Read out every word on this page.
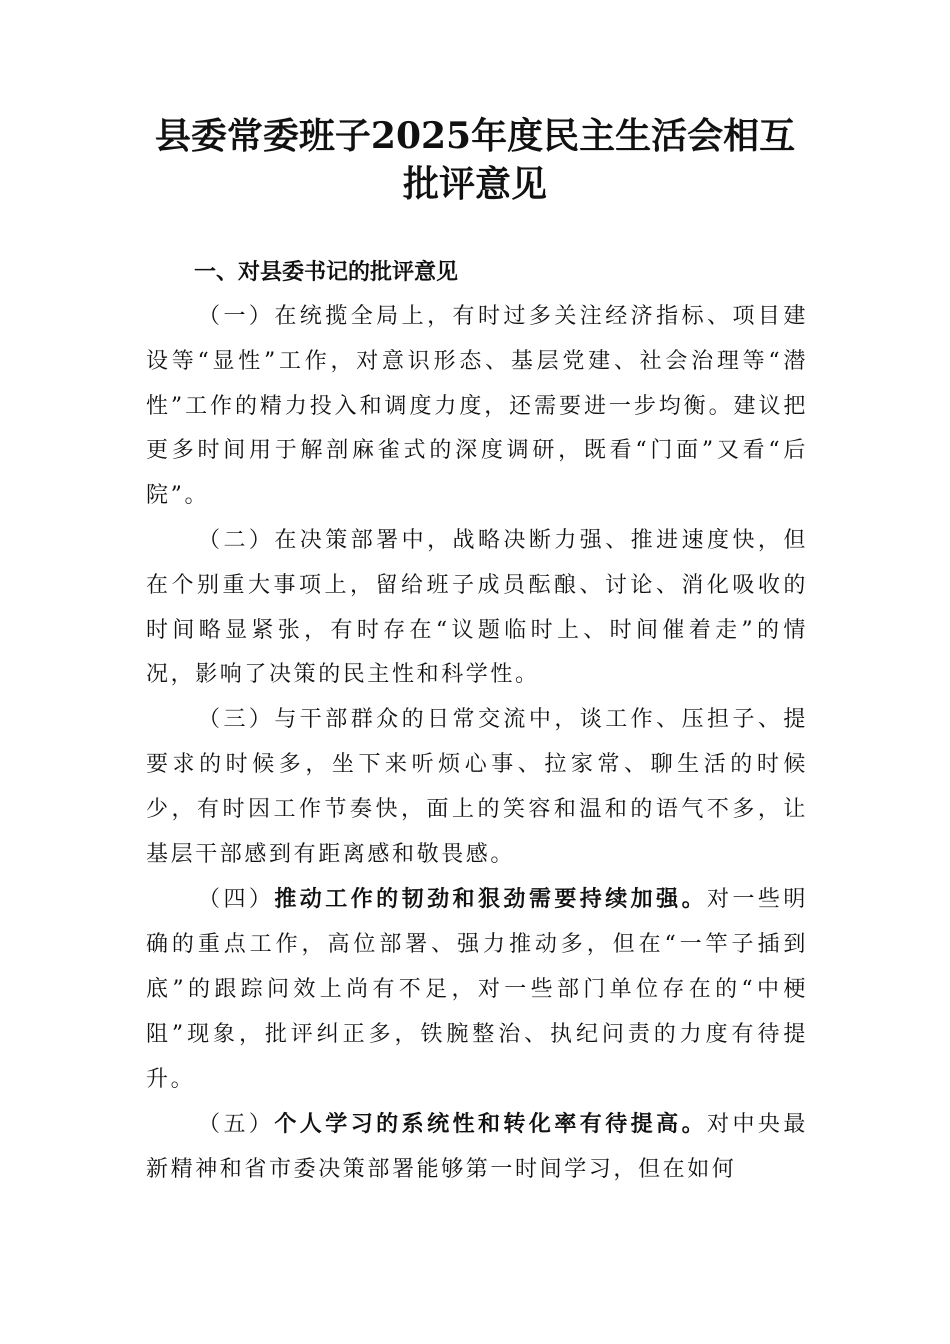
县委常委班子2025年度民主生活会相互批评意见
一、对县委书记的批评意见

（一）在统揽全局上，有时过多关注经济指标、项目建设等“显性”工作，对意识形态、基层党建、社会治理等“潜性”工作的精力投入和调度力度，还需要进一步均衡。建议把更多时间用于解剖麻雀式的深度调研，既看“门面”又看“后院”。

（二）在决策部署中，战略决断力强、推进速度快，但在个别重大事项上，留给班子成员酝酿、讨论、消化吸收的时间略显紧张，有时存在“议题临时上、时间催着走”的情况，影响了决策的民主性和科学性。

（三）与干部群众的日常交流中，谈工作、压担子、提要求的时候多，坐下来听烦心事、拉家常、聊生活的时候少，有时因工作节奏快，面上的笑容和温和的语气不多，让基层干部感到有距离感和敬畏感。

（四）推动工作的韧劲和狠劲需要持续加强。对一些明确的重点工作，高位部署、强力推动多，但在“一竿子插到底”的跟踪问效上尚有不足，对一些部门单位存在的“中梗阻”现象，批评纠正多，铁腕整治、执纪问责的力度有待提升。

（五）个人学习的系统性和转化率有待提高。对中央最新精神和省市委决策部署能够第一时间学习，但在如何
